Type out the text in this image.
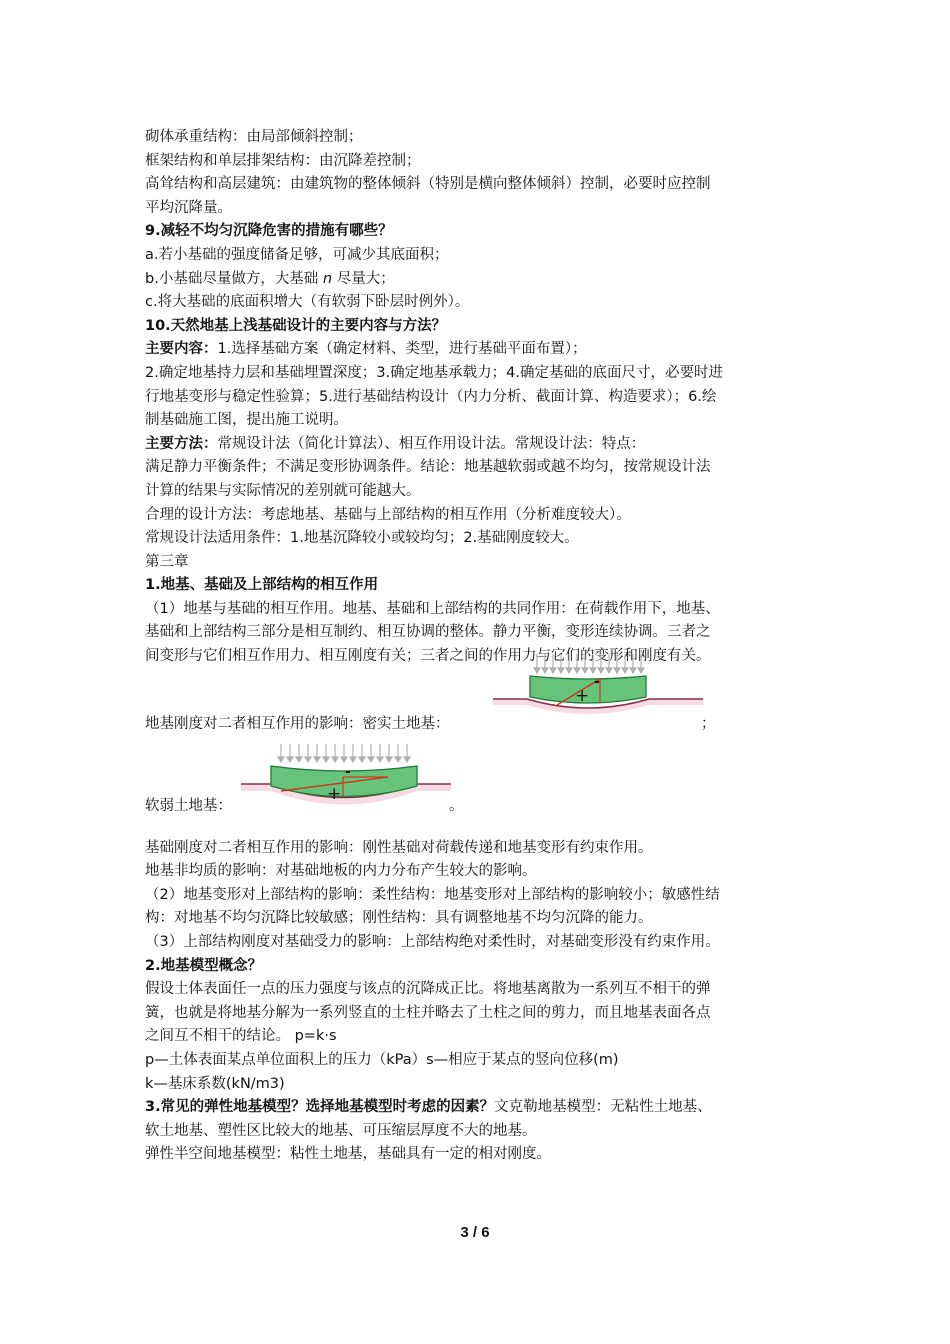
砌体承重结构：由局部倾斜控制；

框架结构和单层排架结构：由沉降差控制；

高耸结构和高层建筑：由建筑物的整体倾斜（特别是横向整体倾斜）控制，必要时应控制

平均沉降量。

9.减轻不均匀沉降危害的措施有哪些？

a.若小基础的强度储备足够，可减少其底面积；

b.小基础尽量做方，大基础 n 尽量大；

c.将大基础的底面积增大（有软弱下卧层时例外）。

10.天然地基上浅基础设计的主要内容与方法？

主要内容：1.选择基础方案（确定材料、类型，进行基础平面布置）；

2.确定地基持力层和基础埋置深度；3.确定地基承载力；4.确定基础的底面尺寸，必要时进

行地基变形与稳定性验算；5.进行基础结构设计（内力分析、截面计算、构造要求）；6.绘

制基础施工图，提出施工说明。

主要方法：常规设计法（简化计算法）、相互作用设计法。常规设计法：特点：

满足静力平衡条件；不满足变形协调条件。结论：地基越软弱或越不均匀，按常规设计法

计算的结果与实际情况的差别就可能越大。

合理的设计方法：考虑地基、基础与上部结构的相互作用（分析难度较大）。

常规设计法适用条件：1.地基沉降较小或较均匀；2.基础刚度较大。

第三章

1.地基、基础及上部结构的相互作用

（1）地基与基础的相互作用。地基、基础和上部结构的共同作用：在荷载作用下，地基、

基础和上部结构三部分是相互制约、相互协调的整体。静力平衡，变形连续协调。三者之

间变形与它们相互作用力、相互刚度有关；三者之间的作用力与它们的变形和刚度有关。

地基刚度对二者相互作用的影响：密实土地基：
+
-
；
软弱土地基：
+
-
。

基础刚度对二者相互作用的影响：刚性基础对荷载传递和地基变形有约束作用。

地基非均质的影响：对基础地板的内力分布产生较大的影响。

（2）地基变形对上部结构的影响：柔性结构：地基变形对上部结构的影响较小；敏感性结

构：对地基不均匀沉降比较敏感；刚性结构：具有调整地基不均匀沉降的能力。

（3）上部结构刚度对基础受力的影响：上部结构绝对柔性时，对基础变形没有约束作用。

2.地基模型概念？

假设土体表面任一点的压力强度与该点的沉降成正比。将地基离散为一系列互不相干的弹

簧，也就是将地基分解为一系列竖直的土柱并略去了土柱之间的剪力，而且地基表面各点

之间互不相干的结论。 p=k·s

p—土体表面某点单位面积上的压力（kPa）s—相应于某点的竖向位移(m)

k—基床系数(kN/m3)

3.常见的弹性地基模型？选择地基模型时考虑的因素？文克勒地基模型：无粘性土地基、

软土地基、塑性区比较大的地基、可压缩层厚度不大的地基。

弹性半空间地基模型：粘性土地基，基础具有一定的相对刚度。

3 / 6
